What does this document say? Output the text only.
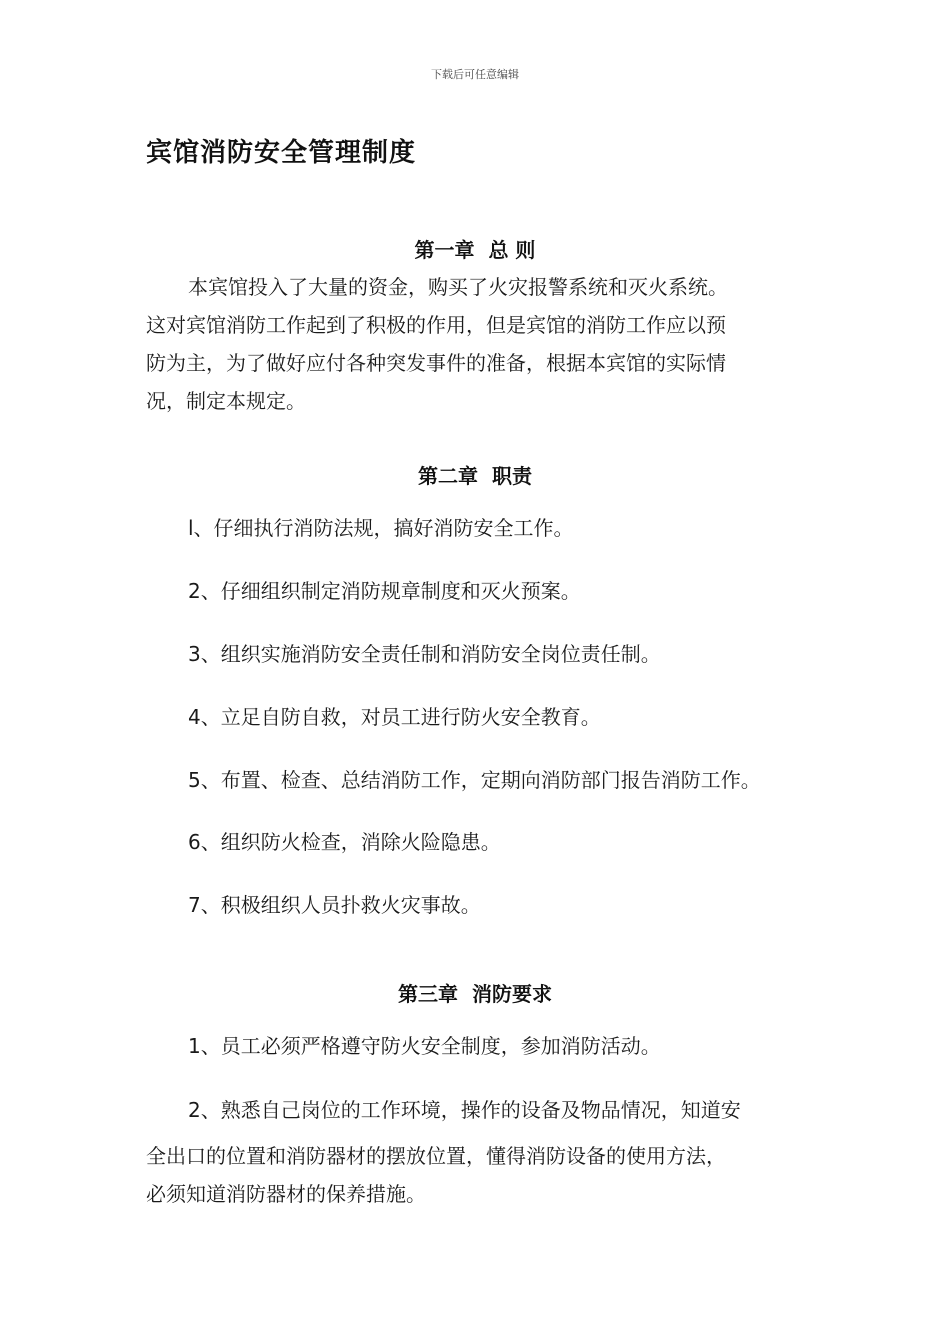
下载后可任意编辑
宾馆消防安全管理制度
第一章  总 则
本宾馆投入了大量的资金，购买了火灾报警系统和灭火系统。
这对宾馆消防工作起到了积极的作用，但是宾馆的消防工作应以预
防为主，为了做好应付各种突发事件的准备，根据本宾馆的实际情
况，制定本规定。
第二章  职责
l、仔细执行消防法规，搞好消防安全工作。
2、仔细组织制定消防规章制度和灭火预案。
3、组织实施消防安全责任制和消防安全岗位责任制。
4、立足自防自救，对员工进行防火安全教育。
5、布置、检查、总结消防工作，定期向消防部门报告消防工作。
6、组织防火检查，消除火险隐患。
7、积极组织人员扑救火灾事故。
第三章  消防要求
1、员工必须严格遵守防火安全制度，参加消防活动。
2、熟悉自己岗位的工作环境，操作的设备及物品情况，知道安
全出口的位置和消防器材的摆放位置，懂得消防设备的使用方法，
必须知道消防器材的保养措施。
